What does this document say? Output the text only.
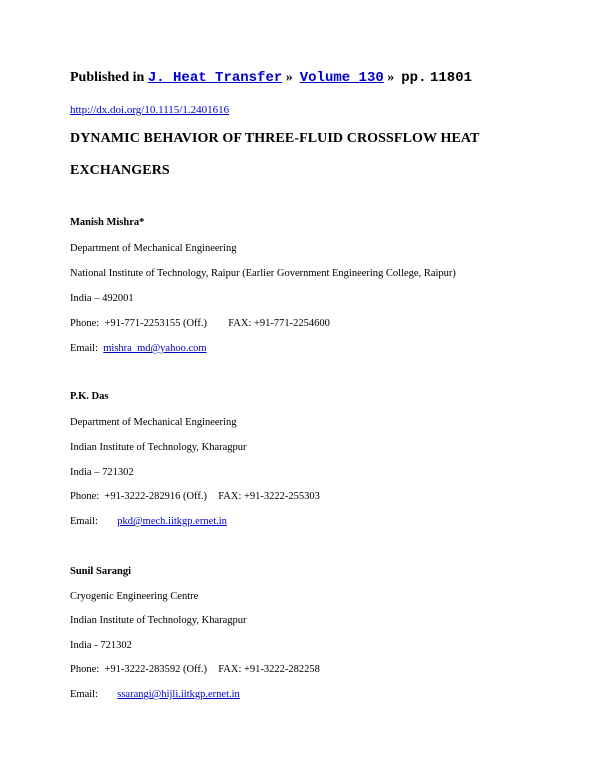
Published in J. Heat Transfer » Volume 130 » pp. 11801
http://dx.doi.org/10.1115/1.2401616
DYNAMIC BEHAVIOR OF THREE-FLUID CROSSFLOW HEAT
EXCHANGERS
Manish Mishra*
Department of Mechanical Engineering
National Institute of Technology, Raipur (Earlier Government Engineering College, Raipur)
India – 492001
Phone: +91-771-2253155 (Off.) FAX: +91-771-2254600
Email: mishra_md@yahoo.com
P.K. Das
Department of Mechanical Engineering
Indian Institute of Technology, Kharagpur
India – 721302
Phone: +91-3222-282916 (Off.) FAX: +91-3222-255303
Email: pkd@mech.iitkgp.ernet.in
Sunil Sarangi
Cryogenic Engineering Centre
Indian Institute of Technology, Kharagpur
India - 721302
Phone: +91-3222-283592 (Off.) FAX: +91-3222-282258
Email: ssarangi@hijli.iitkgp.ernet.in
